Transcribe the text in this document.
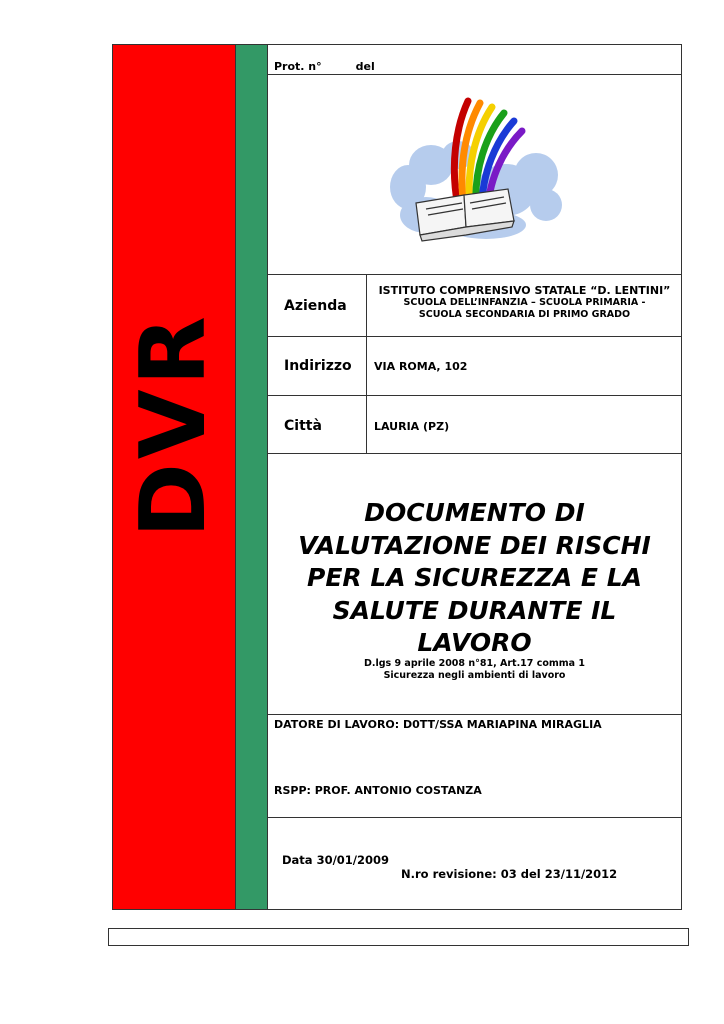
DVR
Prot. n°	del
Azienda
ISTITUTO COMPRENSIVO STATALE “D. LENTINI”
SCUOLA DELL’INFANZIA – SCUOLA PRIMARIA -
SCUOLA SECONDARIA DI PRIMO GRADO
Indirizzo VIA ROMA, 102
Città	LAURIA (PZ)
DOCUMENTO DI
VALUTAZIONE DEI RISCHI
PER LA SICUREZZA E LA
SALUTE DURANTE IL
LAVORO
D.lgs 9 aprile 2008 n°81, Art.17 comma 1
Sicurezza negli ambienti di lavoro
DATORE DI LAVORO: D0TT/SSA MARIAPINA MIRAGLIA
RSPP: PROF. ANTONIO COSTANZA
Data 30/01/2009
N.ro revisione: 03 del 23/11/2012
